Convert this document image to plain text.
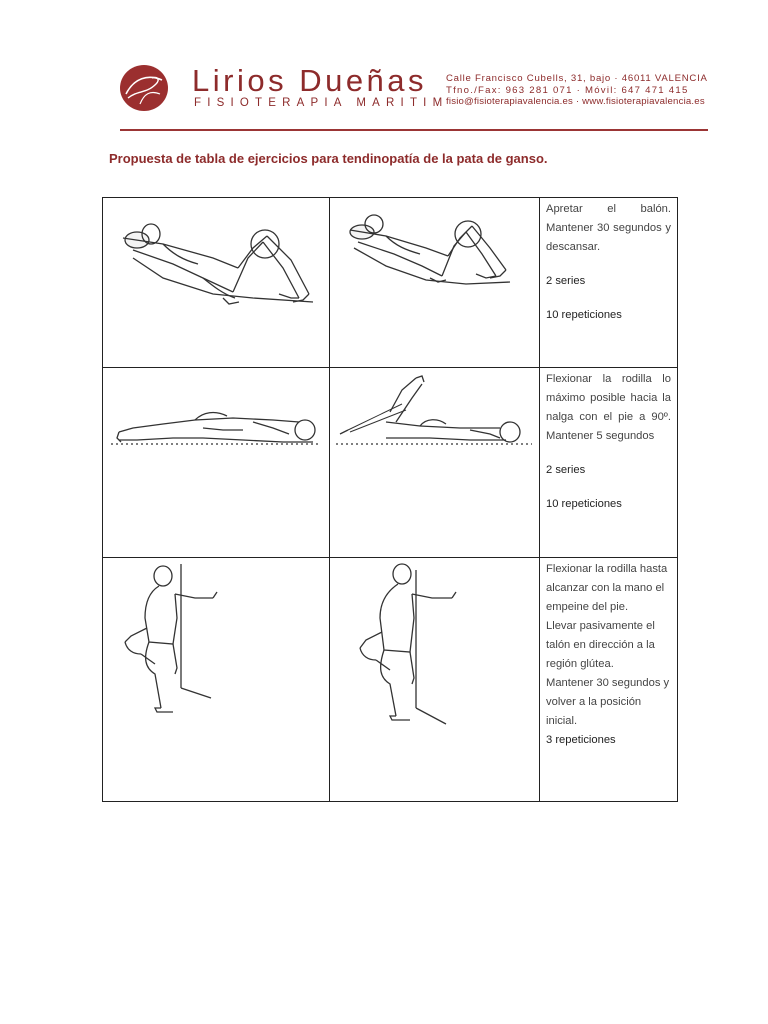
Lirios Dueñas
FISIOTERAPIA MARITIM
Calle Francisco Cubells, 31, bajo · 46011 VALENCIA
Tfno./Fax: 963 281 071 · Móvil: 647 471 415
fisio@fisioterapiavalencia.es · www.fisioterapiavalencia.es
Propuesta de tabla de ejercicios para tendinopatía de la pata de ganso.

Apretar el balón. Mantener 30 segundos y descansar.
2 series
10 repeticiones

Flexionar la rodilla lo máximo posible hacia la nalga con el pie a 90º. Mantener 5 segundos
2 series
10 repeticiones

Flexionar la rodilla hasta alcanzar con la mano el empeine del pie.
Llevar pasivamente el talón en dirección a la región glútea.
Mantener 30 segundos y volver a la posición inicial.
3 repeticiones
